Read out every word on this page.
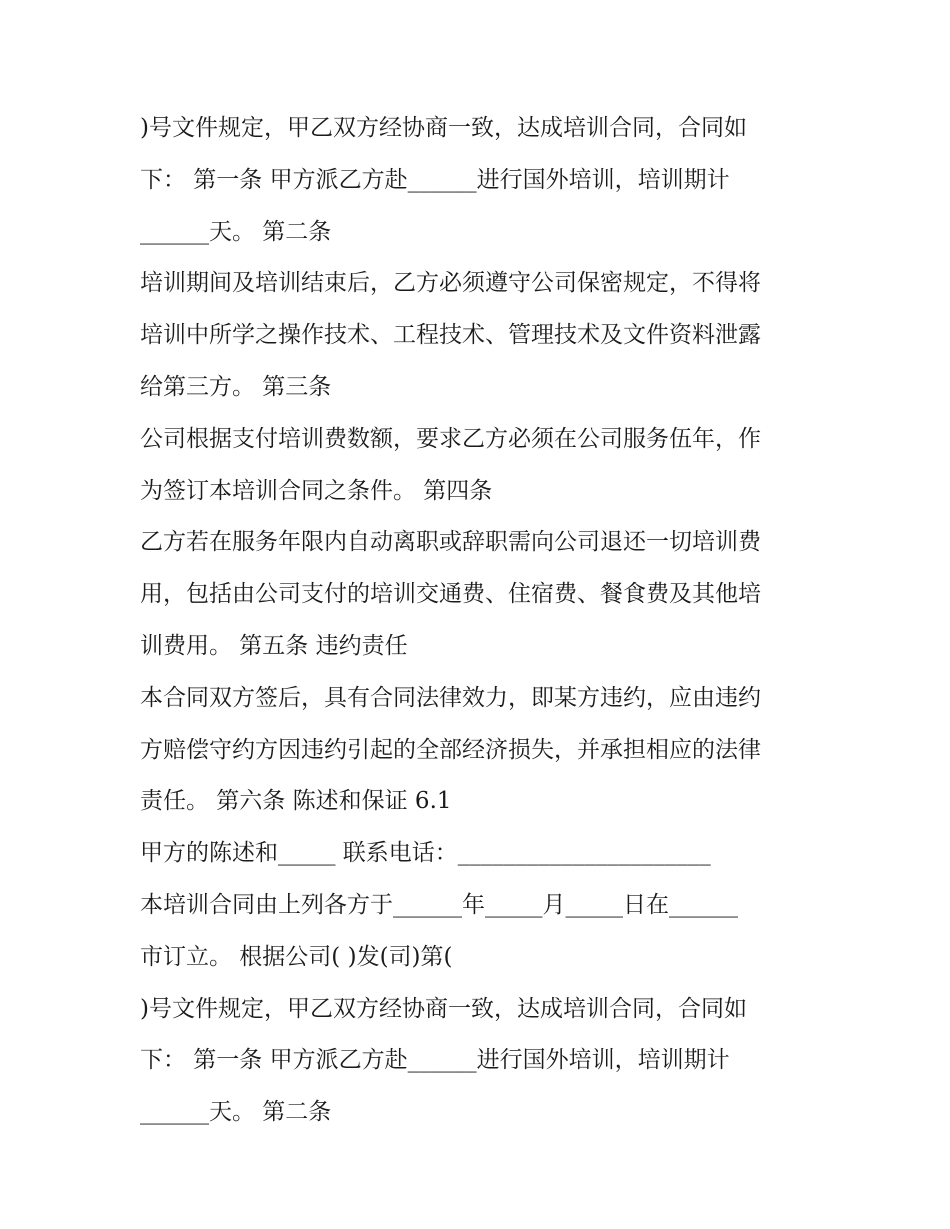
)号文件规定，甲乙双方经协商一致，达成培训合同，合同如
下： 第一条 甲方派乙方赴______进行国外培训，培训期计
______天。 第二条
培训期间及培训结束后，乙方必须遵守公司保密规定，不得将
培训中所学之操作技术、工程技术、管理技术及文件资料泄露
给第三方。 第三条
公司根据支付培训费数额，要求乙方必须在公司服务伍年，作
为签订本培训合同之条件。 第四条
乙方若在服务年限内自动离职或辞职需向公司退还一切培训费
用，包括由公司支付的培训交通费、住宿费、餐食费及其他培
训费用。 第五条 违约责任
本合同双方签后，具有合同法律效力，即某方违约，应由违约
方赔偿守约方因违约引起的全部经济损失，并承担相应的法律
责任。 第六条 陈述和保证 6.1
甲方的陈述和_____ 联系电话：______________________
本培训合同由上列各方于______年_____月_____日在______
市订立。 根据公司( )发(司)第(
)号文件规定，甲乙双方经协商一致，达成培训合同，合同如
下： 第一条 甲方派乙方赴______进行国外培训，培训期计
______天。 第二条
